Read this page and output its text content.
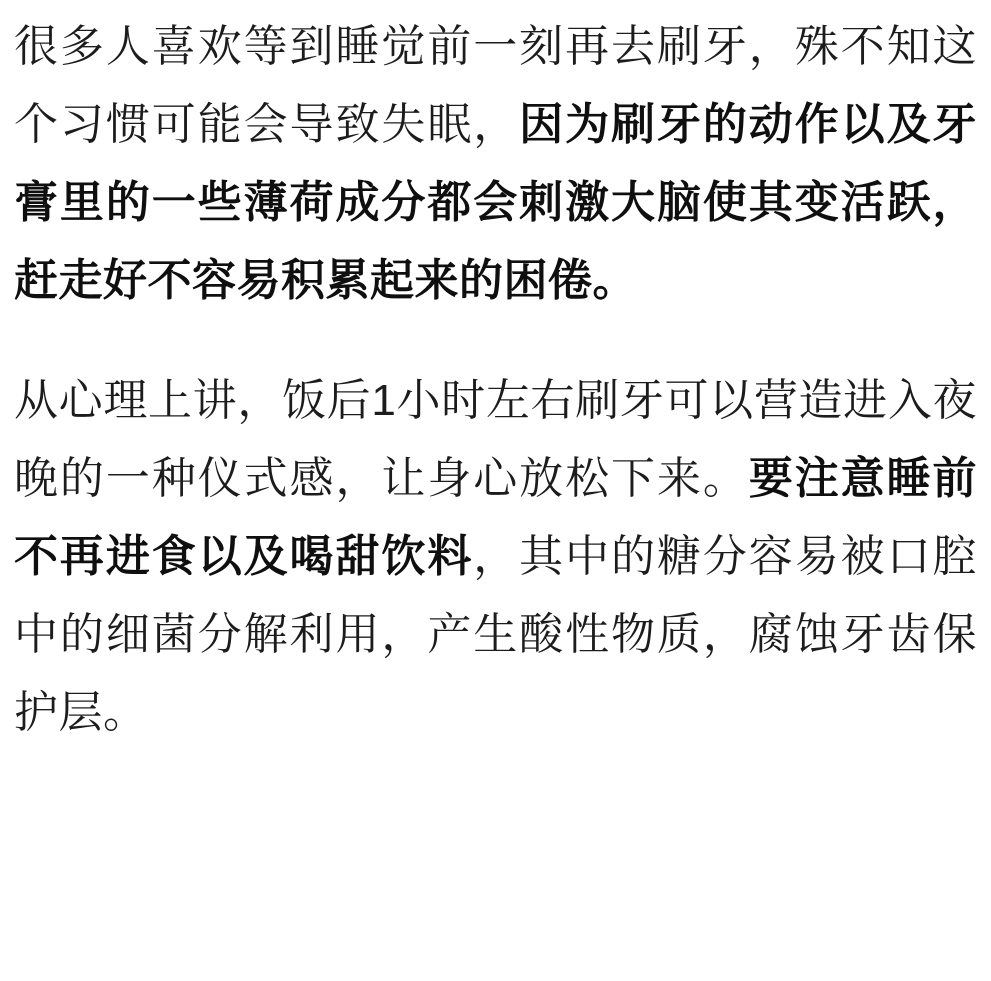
很多人喜欢等到睡觉前一刻再去刷牙，殊不知这个习惯可能会导致失眠，因为刷牙的动作以及牙膏里的一些薄荷成分都会刺激大脑使其变活跃，赶走好不容易积累起来的困倦。

从心理上讲，饭后1小时左右刷牙可以营造进入夜晚的一种仪式感，让身心放松下来。要注意睡前不再进食以及喝甜饮料，其中的糖分容易被口腔中的细菌分解利用，产生酸性物质，腐蚀牙齿保护层。
